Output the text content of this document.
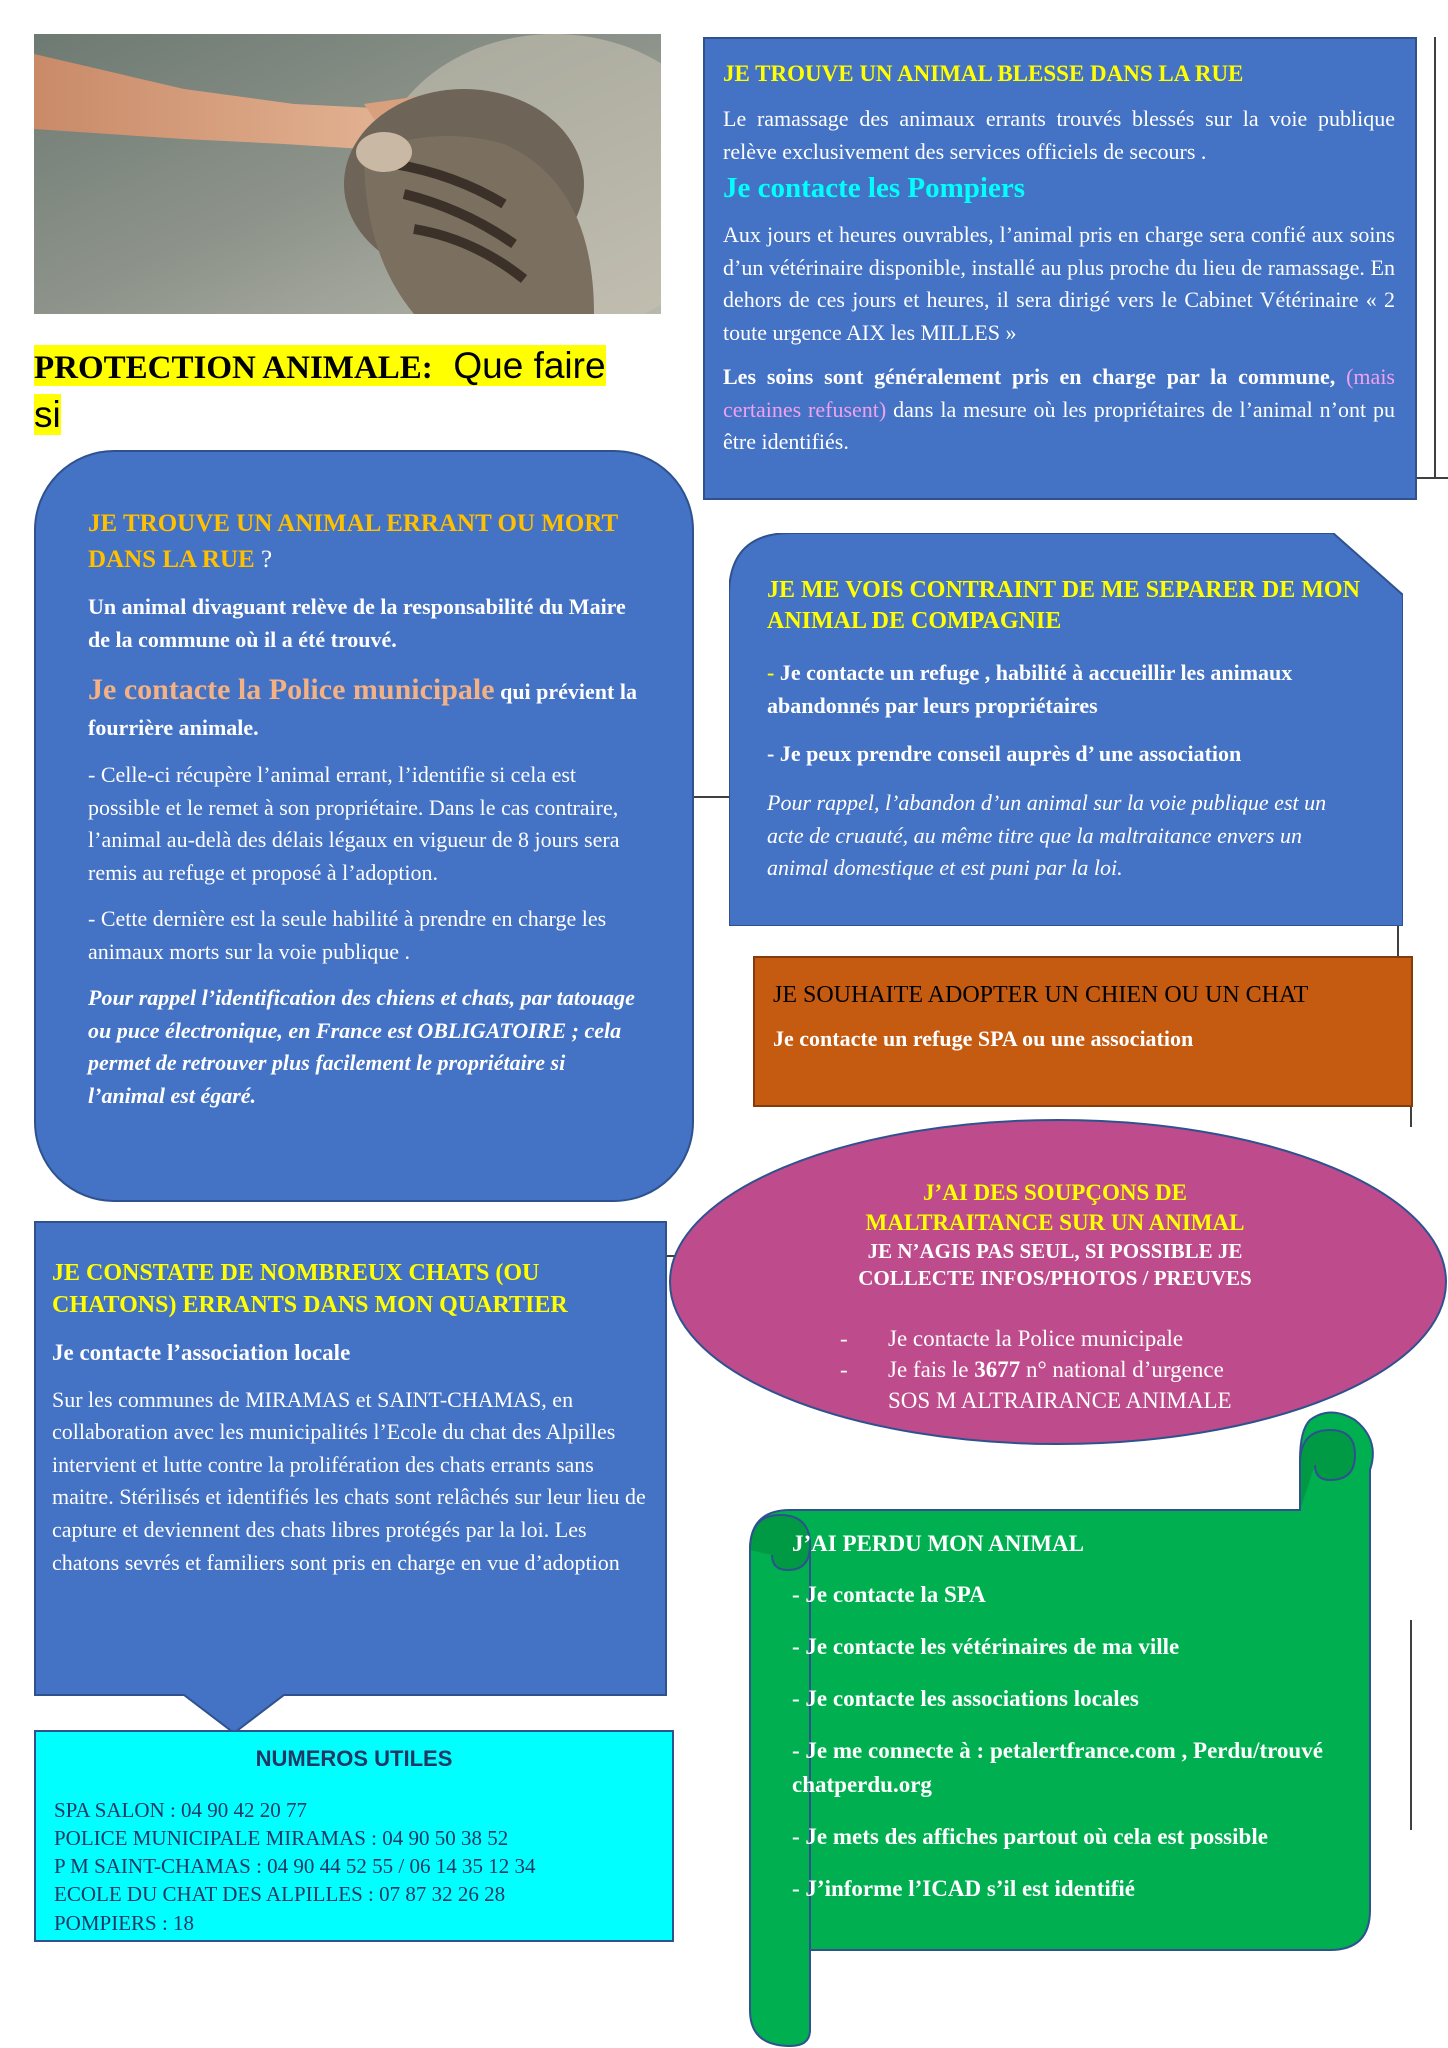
PROTECTION ANIMALE: Que faire si

JE TROUVE UN ANIMAL BLESSE DANS LA RUE

Le ramassage des animaux errants trouvés blessés sur la voie publique relève exclusivement des services officiels de secours .

Je contacte les Pompiers

Aux jours et heures ouvrables, l’animal pris en charge sera confié aux soins d’un vétérinaire disponible, installé au plus proche du lieu de ramassage. En dehors de ces jours et heures, il sera dirigé vers le Cabinet Vétérinaire « 2 toute urgence AIX les MILLES »

Les soins sont généralement pris en charge par la commune, (mais certaines refusent) dans la mesure où les propriétaires de l’animal n’ont pu être identifiés.

JE TROUVE UN ANIMAL ERRANT OU MORT DANS LA RUE ?

Un animal divaguant relève de la responsabilité du Maire de la commune où il a été trouvé.

Je contacte la Police municipale qui prévient la fourrière animale.

- Celle-ci récupère l’animal errant, l’identifie si cela est possible et le remet à son propriétaire. Dans le cas contraire, l’animal au-delà des délais légaux en vigueur de 8 jours sera remis au refuge et proposé à l’adoption.

- Cette dernière est la seule habilité à prendre en charge les animaux morts sur la voie publique .

Pour rappel l’identification des chiens et chats, par tatouage ou puce électronique, en France est OBLIGATOIRE ; cela permet de retrouver plus facilement le propriétaire si l’animal est égaré.

JE ME VOIS CONTRAINT DE ME SEPARER DE MON ANIMAL DE COMPAGNIE

- Je contacte un refuge , habilité à accueillir les animaux abandonnés par leurs propriétaires

- Je peux prendre conseil auprès d’ une association

Pour rappel, l’abandon d’un animal sur la voie publique est un acte de cruauté, au même titre que la maltraitance envers un animal domestique et est puni par la loi.

JE SOUHAITE ADOPTER UN CHIEN OU UN CHAT

Je contacte un refuge SPA ou une association

JE CONSTATE DE NOMBREUX CHATS (OU CHATONS) ERRANTS DANS MON QUARTIER

Je contacte l’association locale

Sur les communes de MIRAMAS et SAINT-CHAMAS, en collaboration avec les municipalités l’Ecole du chat des Alpilles intervient et lutte contre la prolifération des chats errants sans maitre. Stérilisés et identifiés les chats sont relâchés sur leur lieu de capture et deviennent des chats libres protégés par la loi. Les chatons sevrés et familiers sont pris en charge en vue d’adoption

J’AI DES SOUPÇONS DE

MALTRAITANCE SUR UN ANIMAL

JE N’AGIS PAS SEUL, SI POSSIBLE JE

COLLECTE INFOS/PHOTOS / PREUVES

-	Je contacte la Police municipale
-	Je fais le 3677 n° national d’urgence
SOS M ALTRAIRANCE ANIMALE

NUMEROS UTILES

SPA SALON : 04 90 42 20 77

POLICE MUNICIPALE MIRAMAS : 04 90 50 38 52

P M SAINT-CHAMAS : 04 90 44 52 55 / 06 14 35 12 34

ECOLE DU CHAT DES ALPILLES : 07 87 32 26 28

POMPIERS : 18

J’AI PERDU MON ANIMAL

- Je contacte la SPA

- Je contacte les vétérinaires de ma ville

- Je contacte les associations locales

- Je me connecte à : petalertfrance.com , Perdu/trouvé chatperdu.org

- Je mets des affiches partout où cela est possible

- J’informe l’ICAD s’il est identifié
